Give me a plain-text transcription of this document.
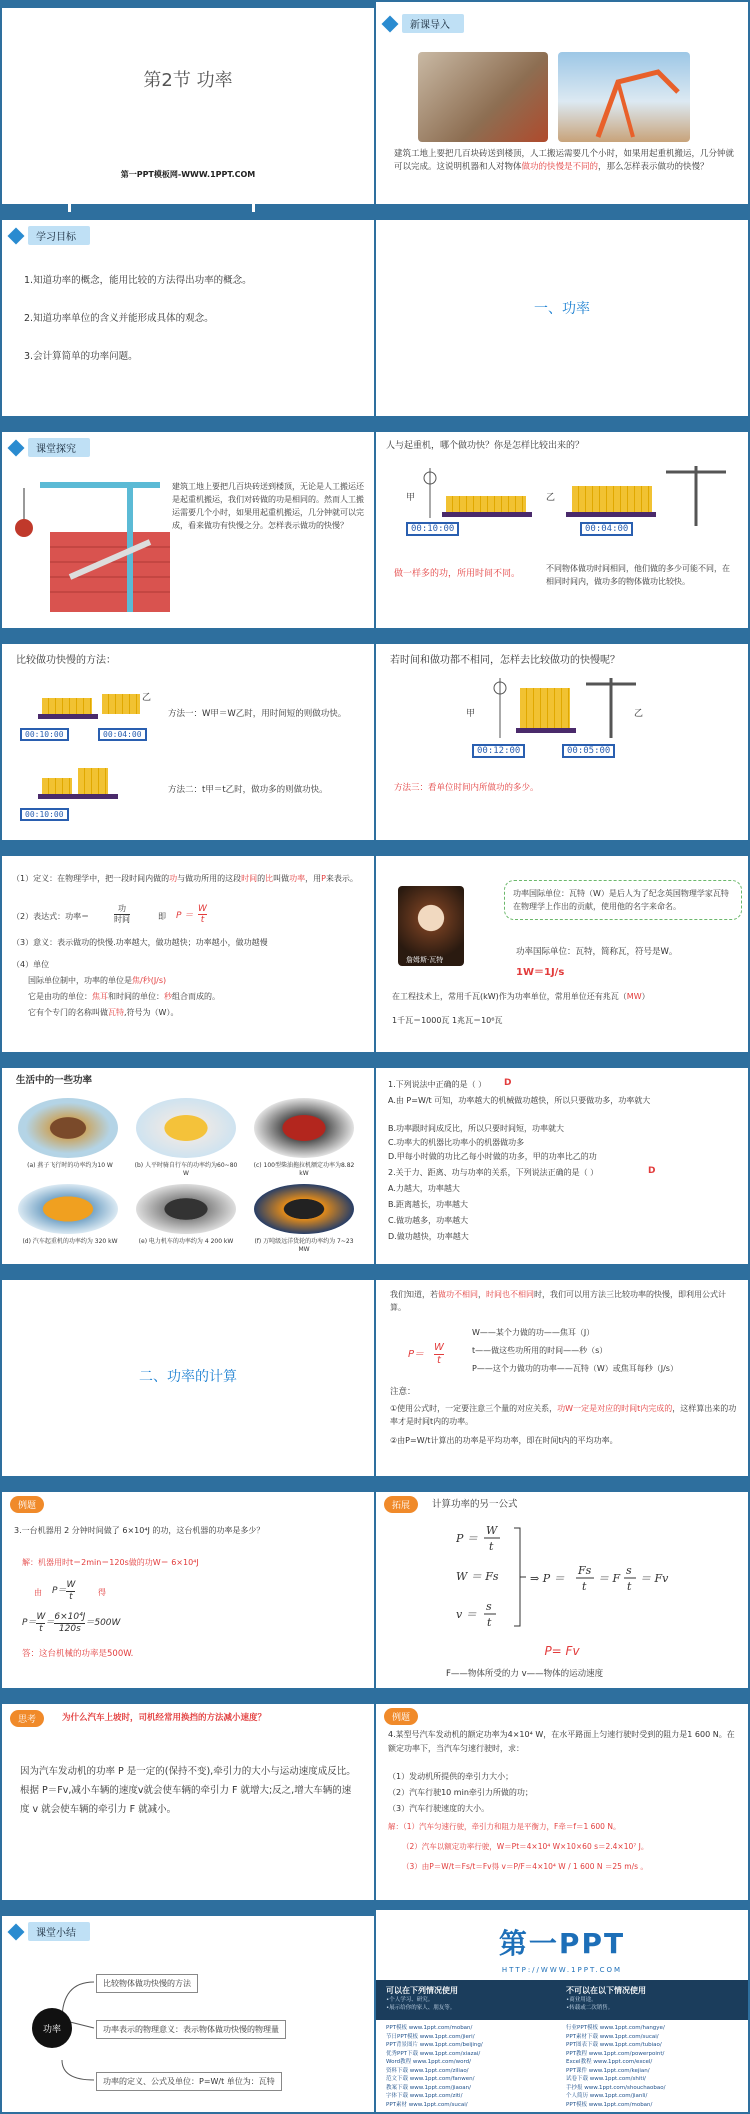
第2节 功率
第一PPT模板网-WWW.1PPT.COM
新课导入
建筑工地上要把几百块砖送到楼顶，人工搬运需要几个小时，如果用起重机搬运，几分钟就可以完成。这说明机器和人对物体做功的快慢是不同的，那么怎样表示做功的快慢？
学习目标
1.知道功率的概念，能用比较的方法得出功率的概念。
2.知道功率单位的含义并能形成具体的观念。
3.会计算简单的功率问题。
一、功率
课堂探究
建筑工地上要把几百块砖送到楼顶，无论是人工搬运还是起重机搬运，我们对砖做的功是相同的。然而人工搬运需要几个小时，如果用起重机搬运，几分钟就可以完成，看来做功有快慢之分。怎样表示做功的快慢？
人与起重机，哪个做功快？你是怎样比较出来的？
甲	乙
00:10:00	00:04:00
做一样多的功，所用时间不同。
不同物体做功时间相同，他们做的多少可能不同，在相同时间内，做功多的物体做功比较快。
比较做功快慢的方法：
乙
00:10:00	00:04:00
方法一：W甲＝W乙时，用时间短的则做功快。
00:10:00
方法二：t甲＝t乙时，做功多的则做功快。
若时间和做功都不相同，怎样去比较做功的快慢呢？
甲	乙
00:12:00	00:05:00
方法三：看单位时间内所做功的多少。
（1）定义：在物理学中，把一段时间内做的功与做功所用的这段时间的比叫做功率，用P来表示。
（2）表达式：功率＝
功
时间	即 P ＝
W
t
（3）意义：表示做功的快慢.功率越大，做功越快；功率越小，做功越慢
（4）单位
国际单位制中，功率的单位是焦/秒(J/s)
它是由功的单位：焦耳和时间的单位：秒组合而成的。
它有个专门的名称叫做瓦特,符号为（W）。
詹姆斯·瓦特
功率国际单位：瓦特（W）是后人为了纪念英国物理学家瓦特在物理学上作出的贡献，使用他的名字来命名。
功率国际单位：瓦特，简称瓦，符号是W。
1W＝1J/s
在工程技术上，常用千瓦(kW)作为功率单位，常用单位还有兆瓦（MW）
1千瓦＝1000瓦 1兆瓦＝10⁶瓦
生活中的一些功率
(a) 燕子飞行时的功率约为10 W	(b) 人平时骑自行车的功率约为60~80 W
(c) 100型柴油拖拉机额定功率为8.82 kW
(d) 汽车起重机的功率约为 320 kW	(e) 电力机车的功率约为 4 200 kW	(f) 万吨级远洋货轮的功率约为 7~23 MW
1.下列说法中正确的是（ ） D
A.由 P=W/t 可知，功率越大的机械做功越快，所以只要做功多，功率就大
B.功率跟时间成反比，所以只要时间短，功率就大
C.功率大的机器比功率小的机器做功多
D.甲每小时做的功比乙每小时做的功多，甲的功率比乙的功
2.关于力、距离、功与功率的关系，下列说法正确的是（ ）	D
A.力越大，功率越大
B.距离越长，功率越大
C.做功越多，功率越大
D.做功越快，功率越大
二、功率的计算
我们知道，若做功不相同，时间也不相同时，我们可以用方法三比较功率的快慢，即利用公式计算。
P＝
W
t
W——某个力做的功——焦耳（J）
t——做这些功所用的时间——秒（s）
P——这个力做功的功率——瓦特（W）或焦耳每秒（J/s）
注意：
①使用公式时，一定要注意三个量的对应关系，功W一定是对应的时间t内完成的，这样算出来的功率才是时间t内的功率。
②由P=W/t计算出的功率是平均功率，即在时间t内的平均功率。
例题
3.一台机器用 2 分钟时间做了 6×10⁴J 的功，这台机器的功率是多少？
解：机器用时t＝2min＝120s做的功W＝ 6×10⁴J
由 $P= \frac{W}{t}$	得
$P= \frac{W}{t} = \frac{\text{6×10⁴J}}{120s} =500W$
答：这台机械的功率是500W.
拓展	计算功率的另一公式
P ＝
W
t
W ＝ Fs
v ＝
s
t
⇒ P ＝
Fs
t
＝ F
s
t
＝ Fv
P= Fv
F——物体所受的力 v——物体的运动速度
思考	为什么汽车上坡时，司机经常用换挡的方法减小速度？
因为汽车发动机的功率 P 是一定的(保持不变),牵引力的大小与运动速度成反比。根据 P＝Fv,减小车辆的速度v就会使车辆的牵引力 F 就增大;反之,增大车辆的速度 v 就会使车辆的牵引力 F 就减小。
例题
4.某型号汽车发动机的额定功率为4×10⁴ W，在水平路面上匀速行驶时受到的阻力是1 600 N。在额定功率下，当汽车匀速行驶时，求：
（1）发动机所提供的牵引力大小；
（2）汽车行驶10 min牵引力所做的功；
（3）汽车行驶速度的大小。
解：（1）汽车匀速行驶，牵引力和阻力是平衡力，F牵＝f＝1 600 N。
（2）汽车以额定功率行驶，W＝Pt＝4×10⁴ W×10×60 s＝2.4×10⁷ J。
（3）由P＝W/t＝Fs/t＝Fv得 v＝P/F＝4×10⁴ W / 1 600 N ＝25 m/s 。
课堂小结
功率
比较物体做功快慢的方法
功率表示的物理意义：表示物体做功快慢的物理量
功率的定义、公式及单位：P=W/t 单位为：瓦特
第一PPT
HTTP://WWW.1PPT.COM
可以在下列情况使用
•个人学习、研究。
•展示给你的家人、朋友等。
不可以在以下情况使用
•商业用途。
•转载或二次销售。
PPT模板 www.1ppt.com/moban/
节日PPT模板 www.1ppt.com/jieri/
PPT背景图片 www.1ppt.com/beijing/
优秀PPT下载 www.1ppt.com/xiazai/
Word教程 www.1ppt.com/word/
资料下载 www.1ppt.com/ziliao/
范文下载 www.1ppt.com/fanwen/
教案下载 www.1ppt.com/jiaoan/
字体下载 www.1ppt.com/ziti/
PPT素材 www.1ppt.com/sucai/
行业PPT模板 www.1ppt.com/hangye/
PPT素材下载 www.1ppt.com/sucai/
PPT图表下载 www.1ppt.com/tubiao/
PPT教程 www.1ppt.com/powerpoint/
Excel教程 www.1ppt.com/excel/
PPT课件 www.1ppt.com/kejian/
试卷下载 www.1ppt.com/shiti/
手抄报 www.1ppt.com/shouchaobao/
个人简历 www.1ppt.com/jianli/
PPT模板 www.1ppt.com/moban/
